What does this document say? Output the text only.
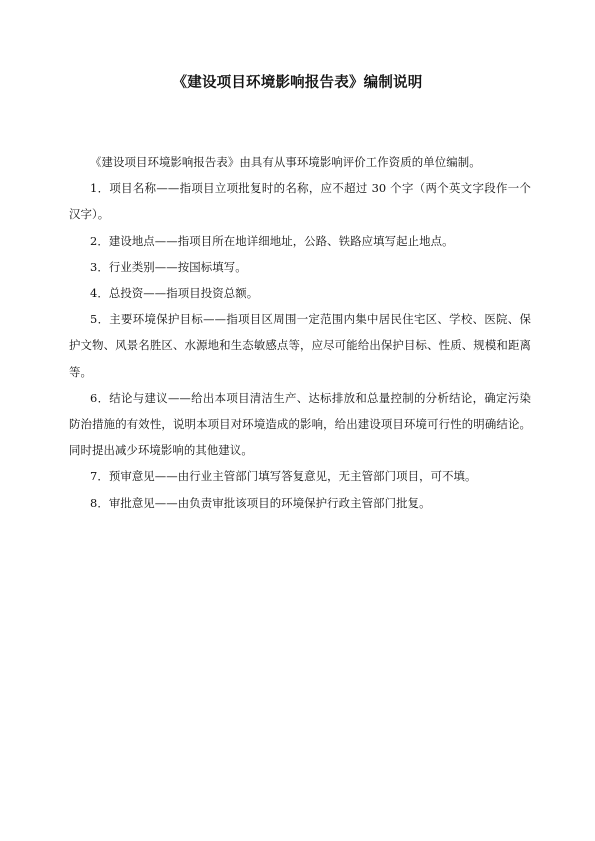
《建设项目环境影响报告表》编制说明

《建设项目环境影响报告表》由具有从事环境影响评价工作资质的单位编制。

1．项目名称——指项目立项批复时的名称，应不超过 30 个字（两个英文字段作一个汉字）。

2．建设地点——指项目所在地详细地址，公路、铁路应填写起止地点。

3．行业类别——按国标填写。

4．总投资——指项目投资总额。

5．主要环境保护目标——指项目区周围一定范围内集中居民住宅区、学校、医院、保护文物、风景名胜区、水源地和生态敏感点等，应尽可能给出保护目标、性质、规模和距离等。

6．结论与建议——给出本项目清洁生产、达标排放和总量控制的分析结论，确定污染防治措施的有效性，说明本项目对环境造成的影响，给出建设项目环境可行性的明确结论。同时提出减少环境影响的其他建议。

7．预审意见——由行业主管部门填写答复意见，无主管部门项目，可不填。

8．审批意见——由负责审批该项目的环境保护行政主管部门批复。
